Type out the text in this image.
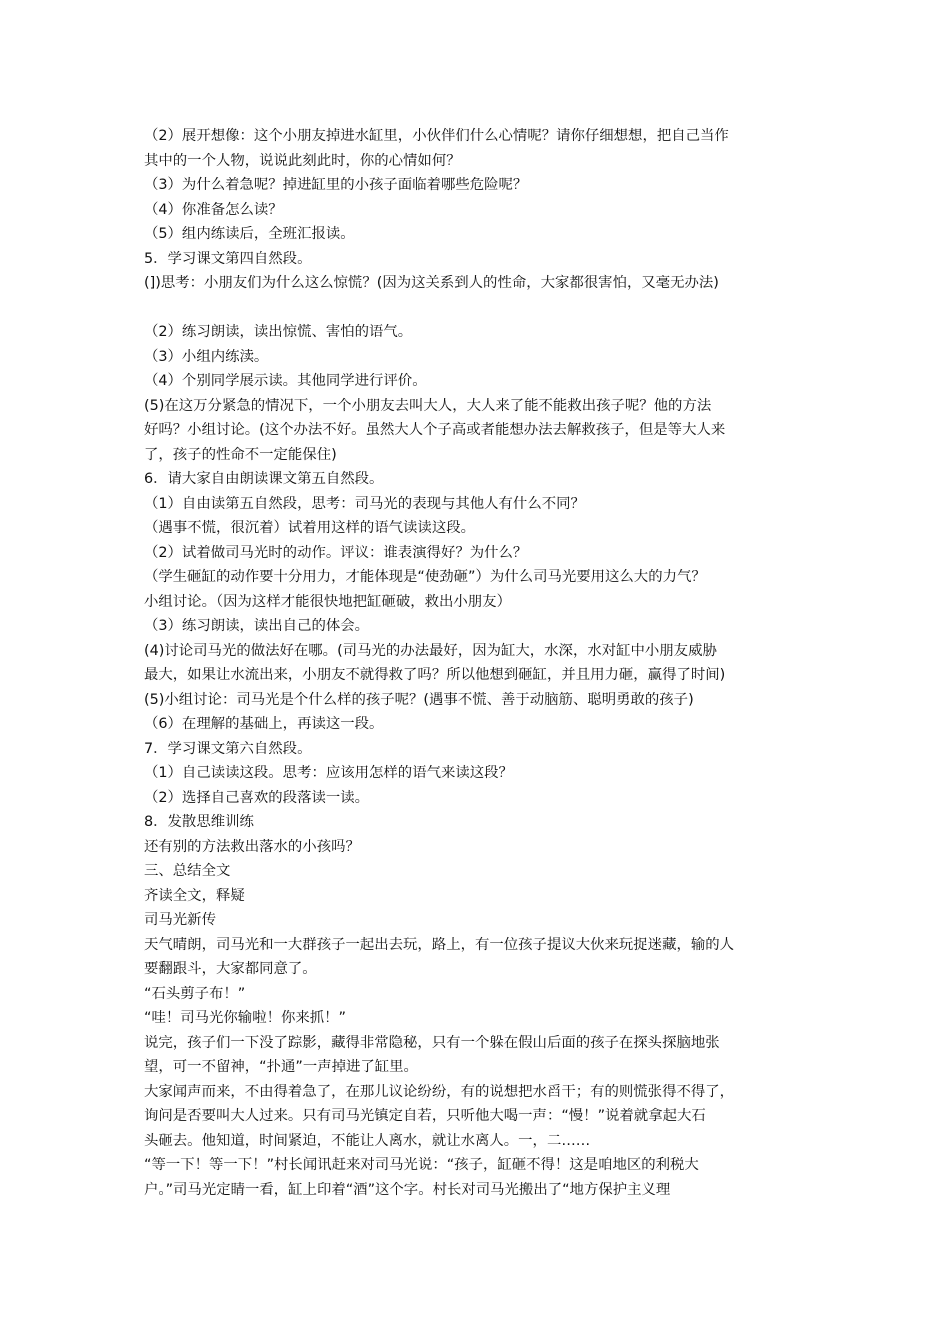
（2）展开想像：这个小朋友掉进水缸里，小伙伴们什么心情呢？请你仔细想想，把自己当作
其中的一个人物，说说此刻此时，你的心情如何？
（3）为什么着急呢？掉进缸里的小孩子面临着哪些危险呢？
（4）你准备怎么读？
（5）组内练读后，全班汇报读。
5．学习课文第四自然段。
(])思考：小朋友们为什么这么惊慌？(因为这关系到人的性命，大家都很害怕，又毫无办法)
（2）练习朗读，读出惊慌、害怕的语气。
（3）小组内练渎。
（4）个别同学展示读。其他同学进行评价。
(5)在这万分紧急的情况下，一个小朋友去叫大人，大人来了能不能救出孩子呢？他的方法
好吗？小组讨论。(这个办法不好。虽然大人个子高或者能想办法去解救孩子，但是等大人来
了，孩子的性命不一定能保住)
6．请大家自由朗读课文第五自然段。
（1）自由读第五自然段，思考：司马光的表现与其他人有什么不同？
（遇事不慌，很沉着）试着用这样的语气读读这段。
（2）试着做司马光时的动作。评议：谁表演得好？为什么？
（学生砸缸的动作要十分用力，才能体现是“使劲砸”）为什么司马光要用这么大的力气？
小组讨论。（因为这样才能很快地把缸砸破，救出小朋友）
（3）练习朗读，读出自己的体会。
(4)讨论司马光的做法好在哪。(司马光的办法最好，因为缸大，水深，水对缸中小朋友威胁
最大，如果让水流出来，小朋友不就得救了吗？所以他想到砸缸，并且用力砸，赢得了时间)
(5)小组讨论：司马光是个什么样的孩子呢？(遇事不慌、善于动脑筋、聪明勇敢的孩子)
（6）在理解的基础上，再读这一段。
7．学习课文第六自然段。
（1）自己读读这段。思考：应该用怎样的语气来读这段？
（2）选择自己喜欢的段落读一读。
8．发散思维训练
还有别的方法救出落水的小孩吗？
三、总结全文
齐读全文，释疑
司马光新传
天气晴朗，司马光和一大群孩子一起出去玩，路上，有一位孩子提议大伙来玩捉迷藏，输的人
要翻跟斗，大家都同意了。
“石头剪子布！”
“哇！司马光你输啦！你来抓！”
说完，孩子们一下没了踪影，藏得非常隐秘，只有一个躲在假山后面的孩子在探头探脑地张
望，可一不留神，“扑通”一声掉进了缸里。
大家闻声而来，不由得着急了，在那儿议论纷纷，有的说想把水舀干；有的则慌张得不得了，
询问是否要叫大人过来。只有司马光镇定自若，只听他大喝一声：“慢！”说着就拿起大石
头砸去。他知道，时间紧迫，不能让人离水，就让水离人。一，二……
“等一下！等一下！”村长闻讯赶来对司马光说：“孩子，缸砸不得！这是咱地区的利税大
户。”司马光定睛一看，缸上印着“酒”这个字。村长对司马光搬出了“地方保护主义理
